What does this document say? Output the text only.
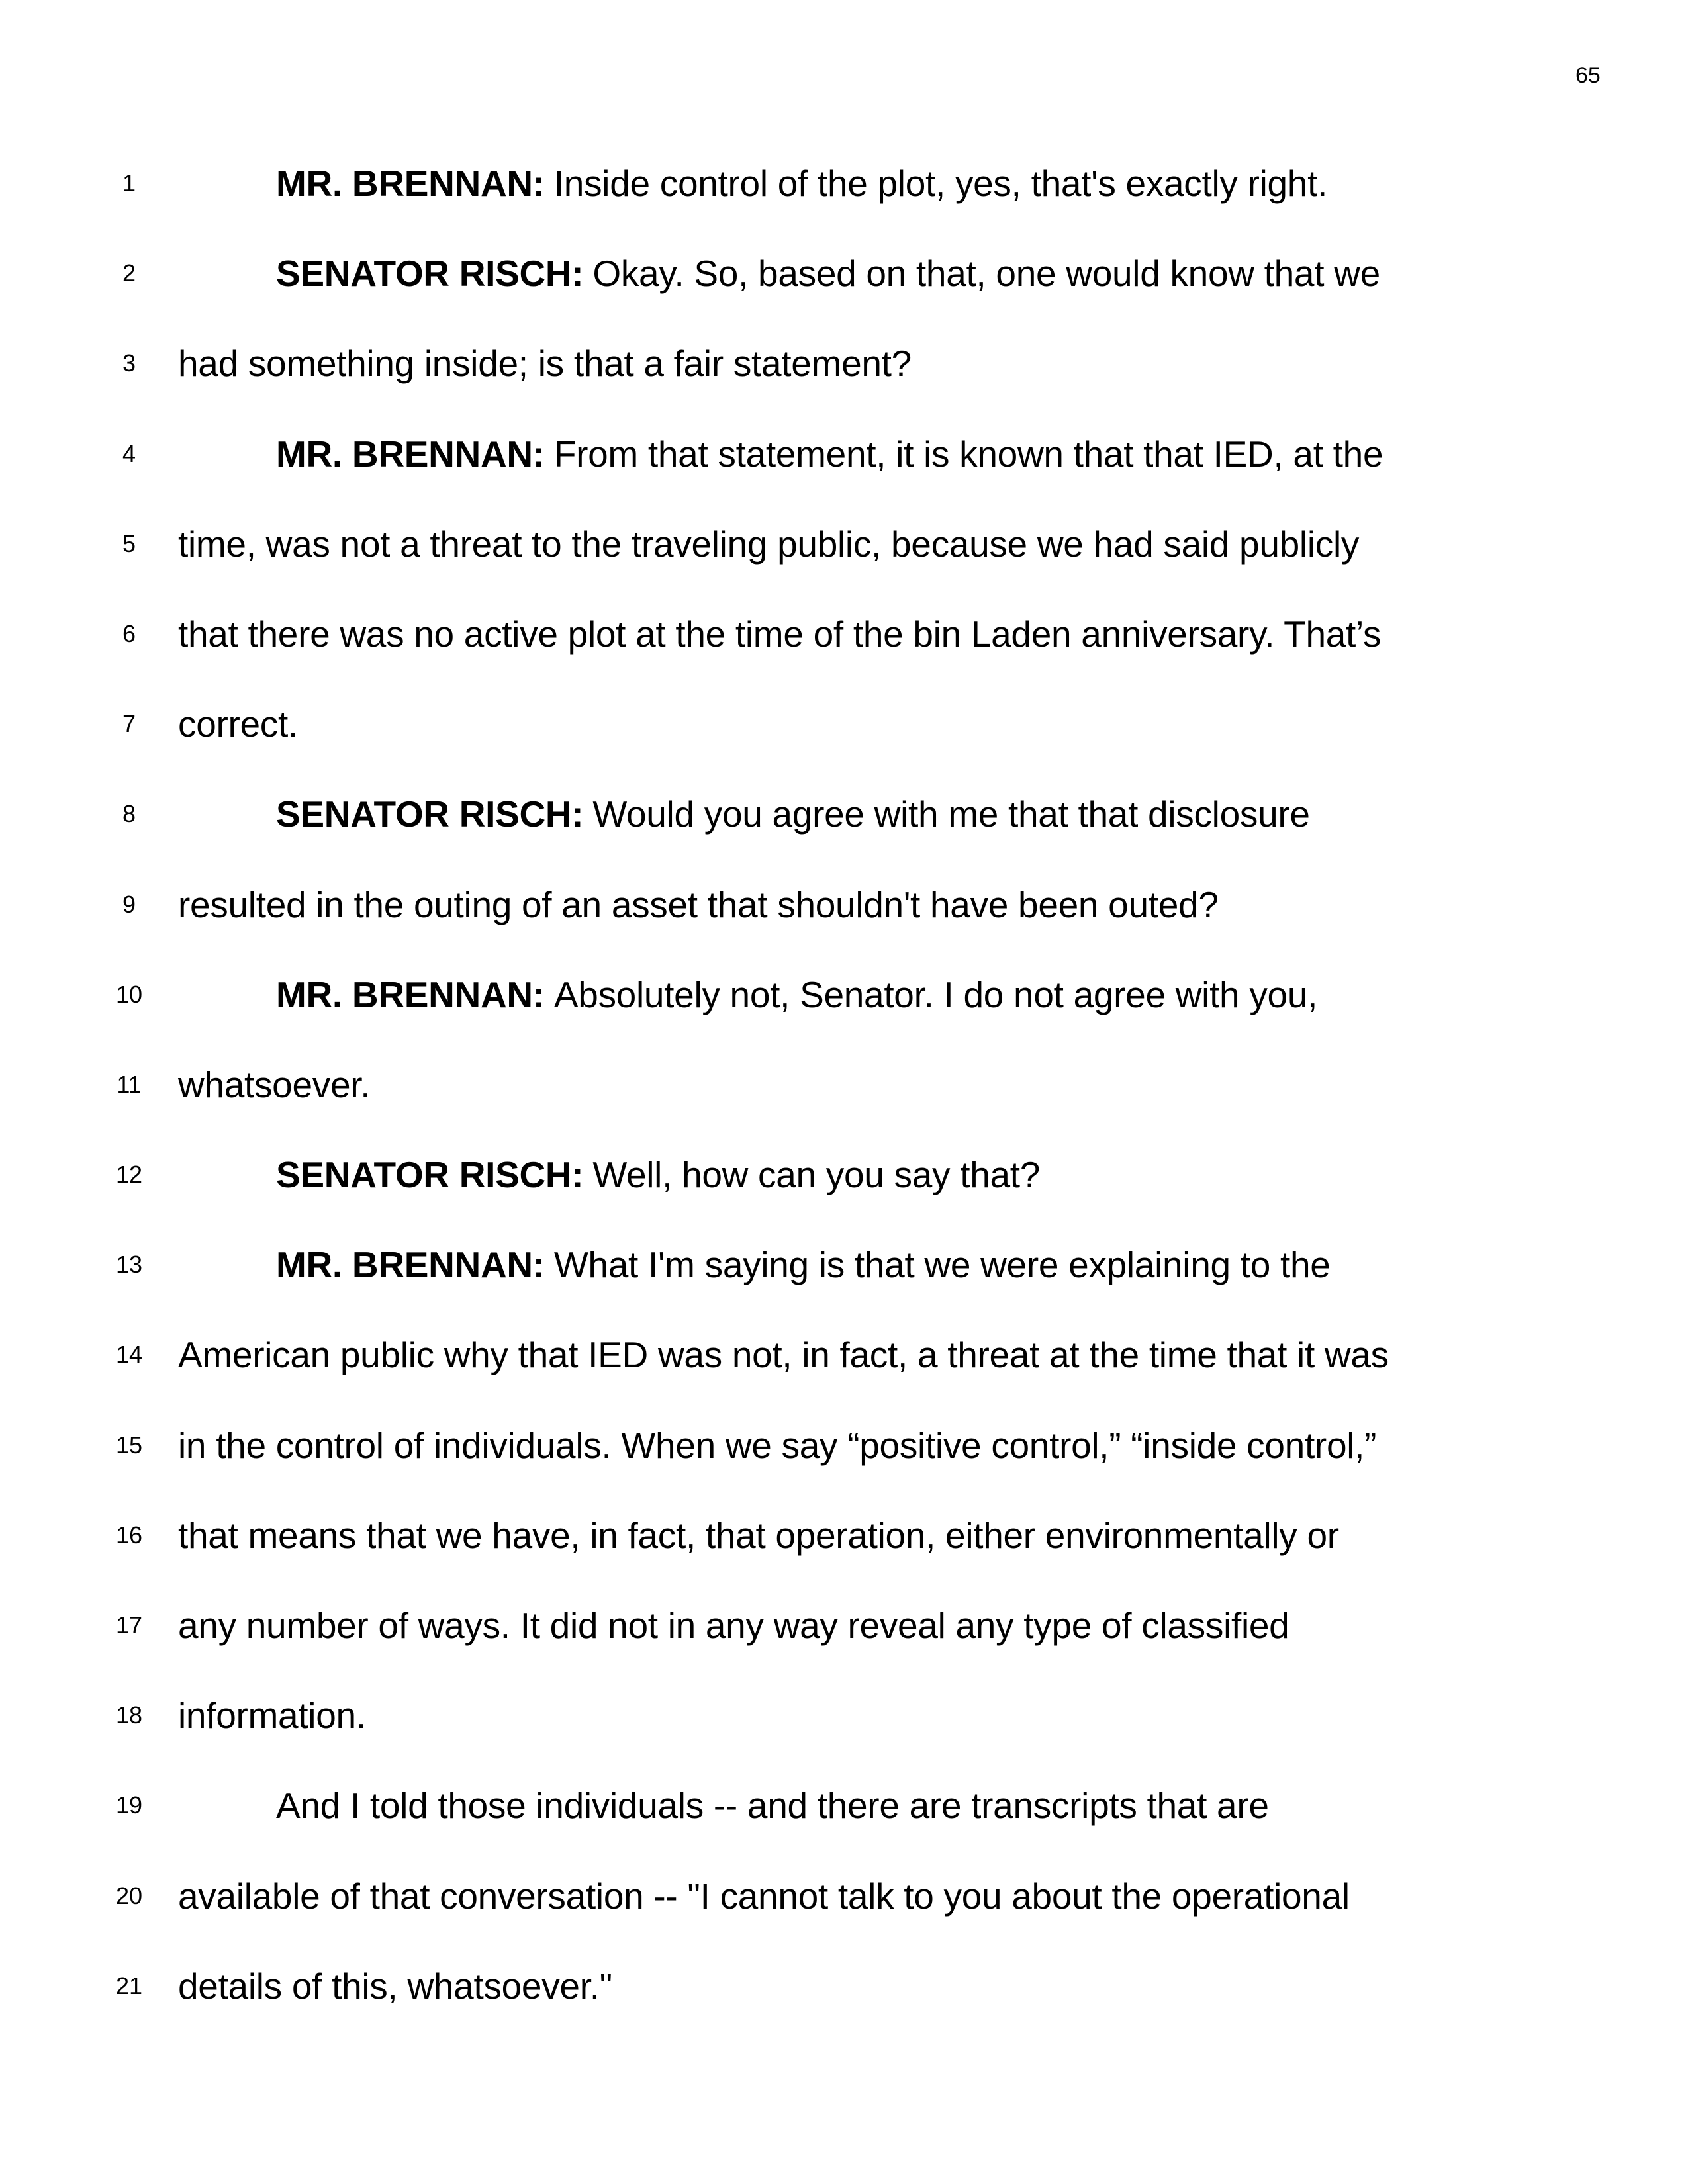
65
1	MR. BRENNAN: Inside control of the plot, yes, that's exactly right.
2	SENATOR RISCH: Okay. So, based on that, one would know that we
3	had something inside; is that a fair statement?
4	MR. BRENNAN: From that statement, it is known that that IED, at the
5	time, was not a threat to the traveling public, because we had said publicly
6	that there was no active plot at the time of the bin Laden anniversary. That’s
7	correct.
8	SENATOR RISCH: Would you agree with me that that disclosure
9	resulted in the outing of an asset that shouldn't have been outed?
10	MR. BRENNAN: Absolutely not, Senator. I do not agree with you,
11	whatsoever.
12	SENATOR RISCH: Well, how can you say that?
13	MR. BRENNAN: What I'm saying is that we were explaining to the
14 American public why that IED was not, in fact, a threat at the time that it was
15 in the control of individuals. When we say “positive control,” “inside control,”
16 that means that we have, in fact, that operation, either environmentally or
17 any number of ways. It did not in any way reveal any type of classified
18 information.
19	And I told those individuals -- and there are transcripts that are
20 available of that conversation -- "I cannot talk to you about the operational
21 details of this, whatsoever."
